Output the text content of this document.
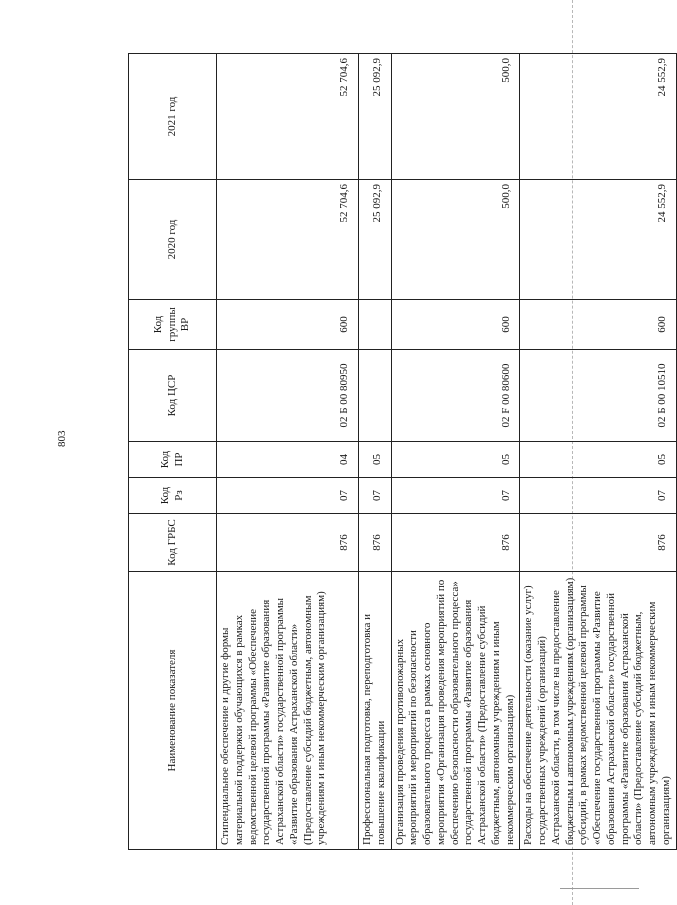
803
Наименование показателя	Код ГРБС	Код Рз	Код ПР	Код ЦСР	Код группы ВР	2020 год	2021 год
Стипендиальное обеспечение и другие формы материальной поддержки обучающихся в рамках ведомственной целевой программы «Обеспечение государственной программы «Развитие образования Астраханской области» государственной программы «Развитие образования Астраханской области» (Предоставление субсидий бюджетным, автономным учреждениям и иным некоммерческим организациям)	876	07	04	02 Б 00 80950	600	52 704,6	52 704,6
Профессиональная подготовка, переподготовка и повышение квалификации	876	07	05			25 092,9	25 092,9
Организация проведения противопожарных мероприятий и мероприятий по безопасности образовательного процесса в рамках основного мероприятия «Организация проведения мероприятий по обеспечению безопасности образовательного процесса» государственной программы «Развитие образования Астраханской области» (Предоставление субсидий бюджетным, автономным учреждениям и иным некоммерческим организациям)	876	07	05	02 F 00 80600	600	500,0	500,0
Расходы на обеспечение деятельности (оказание услуг) государственных учреждений (организаций) Астраханской области, в том числе на предоставление бюджетным и автономным учреждениям (организациям) субсидий, в рамках ведомственной целевой программы «Обеспечение государственной программы «Развитие образования Астраханской области» государственной программы «Развитие образования Астраханской области» (Предоставление субсидий бюджетным, автономным учреждениям и иным некоммерческим организациям)	876	07	05	02 Б 00 10510	600	24 552,9	24 552,9
